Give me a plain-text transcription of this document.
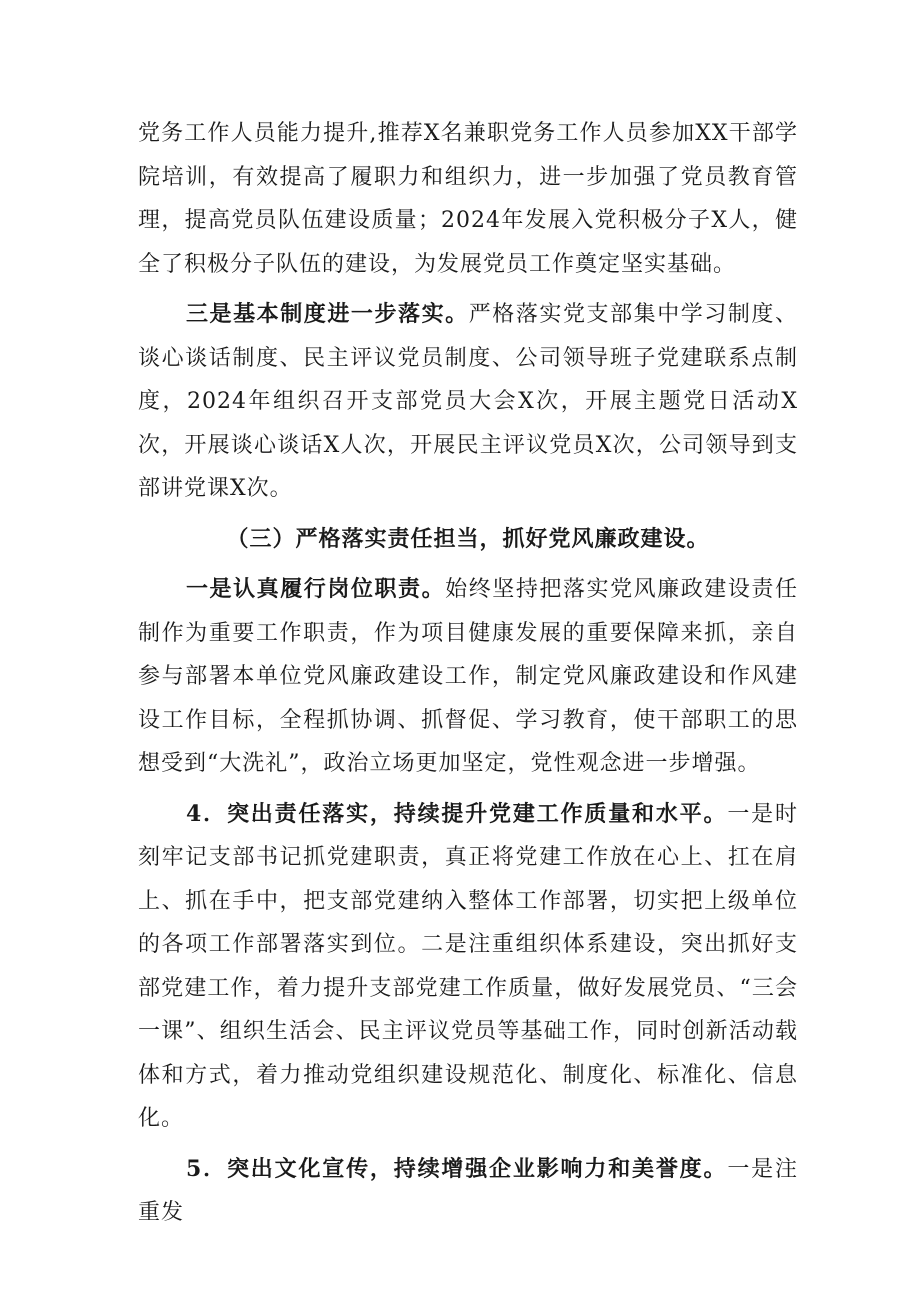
党务工作人员能力提升,推荐X名兼职党务工作人员参加XX干部学院培训，有效提高了履职力和组织力，进一步加强了党员教育管理，提高党员队伍建设质量；2024年发展入党积极分子X人，健全了积极分子队伍的建设，为发展党员工作奠定坚实基础。

三是基本制度进一步落实。严格落实党支部集中学习制度、谈心谈话制度、民主评议党员制度、公司领导班子党建联系点制度，2024年组织召开支部党员大会X次，开展主题党日活动X次，开展谈心谈话X人次，开展民主评议党员X次，公司领导到支部讲党课X次。

（三）严格落实责任担当，抓好党风廉政建设。

一是认真履行岗位职责。始终坚持把落实党风廉政建设责任制作为重要工作职责，作为项目健康发展的重要保障来抓，亲自参与部署本单位党风廉政建设工作，制定党风廉政建设和作风建设工作目标，全程抓协调、抓督促、学习教育，使干部职工的思想受到“大洗礼”，政治立场更加坚定，党性观念进一步增强。

4．突出责任落实，持续提升党建工作质量和水平。一是时刻牢记支部书记抓党建职责，真正将党建工作放在心上、扛在肩上、抓在手中，把支部党建纳入整体工作部署，切实把上级单位的各项工作部署落实到位。二是注重组织体系建设，突出抓好支部党建工作，着力提升支部党建工作质量，做好发展党员、“三会一课”、组织生活会、民主评议党员等基础工作，同时创新活动载体和方式，着力推动党组织建设规范化、制度化、标准化、信息化。

5．突出文化宣传，持续增强企业影响力和美誉度。一是注重发
